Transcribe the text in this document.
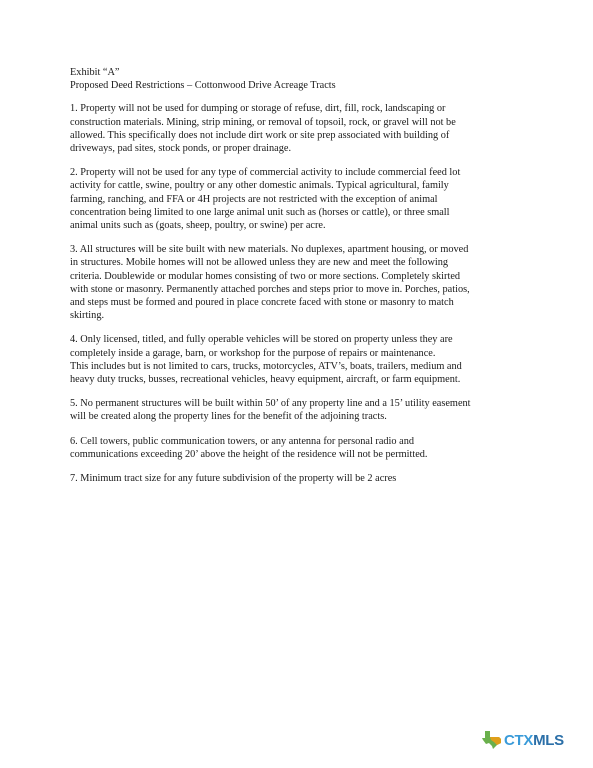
Exhibit “A”

Proposed Deed Restrictions – Cottonwood Drive Acreage Tracts

1. Property will not be used for dumping or storage of refuse, dirt, fill, rock, landscaping or
construction materials. Mining, strip mining, or removal of topsoil, rock, or gravel will not be
allowed. This specifically does not include dirt work or site prep associated with building of
driveways, pad sites, stock ponds, or proper drainage.

2. Property will not be used for any type of commercial activity to include commercial feed lot
activity for cattle, swine, poultry or any other domestic animals. Typical agricultural, family
farming, ranching, and FFA or 4H projects are not restricted with the exception of animal
concentration being limited to one large animal unit such as (horses or cattle), or three small
animal units such as (goats, sheep, poultry, or swine) per acre.

3. All structures will be site built with new materials. No duplexes, apartment housing, or moved
in structures. Mobile homes will not be allowed unless they are new and meet the following
criteria. Doublewide or modular homes consisting of two or more sections. Completely skirted
with stone or masonry. Permanently attached porches and steps prior to move in. Porches, patios,
and steps must be formed and poured in place concrete faced with stone or masonry to match
skirting.

4. Only licensed, titled, and fully operable vehicles will be stored on property unless they are
completely inside a garage, barn, or workshop for the purpose of repairs or maintenance.
This includes but is not limited to cars, trucks, motorcycles, ATV’s, boats, trailers, medium and
heavy duty trucks, busses, recreational vehicles, heavy equipment, aircraft, or farm equipment.

5. No permanent structures will be built within 50’ of any property line and a 15’ utility easement
will be created along the property lines for the benefit of the adjoining tracts.

6. Cell towers, public communication towers, or any antenna for personal radio and
communications exceeding 20’ above the height of the residence will not be permitted.

7. Minimum tract size for any future subdivision of the property will be 2 acres

CTX MLS
